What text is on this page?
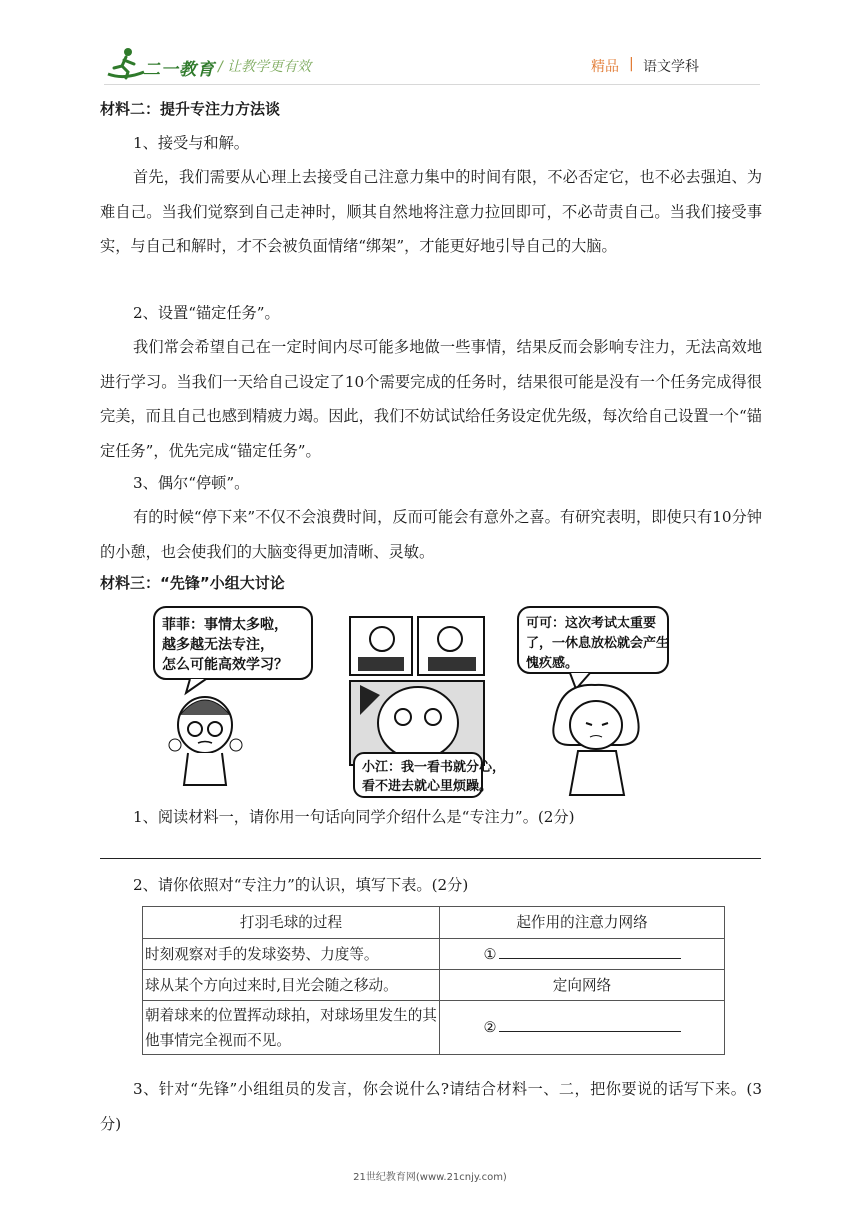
二一教育 / 让教学更有效	精品 | 语文学科
材料二：提升专注力方法谈
1、接受与和解。
首先，我们需要从心理上去接受自己注意力集中的时间有限，不必否定它，也不必去强迫、为难自己。当我们觉察到自己走神时，顺其自然地将注意力拉回即可，不必苛责自己。当我们接受事实，与自己和解时，才不会被负面情绪“绑架”，才能更好地引导自己的大脑。
2、设置“锚定任务”。
我们常会希望自己在一定时间内尽可能多地做一些事情，结果反而会影响专注力，无法高效地进行学习。当我们一天给自己设定了10个需要完成的任务时，结果很可能是没有一个任务完成得很完美，而且自己也感到精疲力竭。因此，我们不妨试试给任务设定优先级，每次给自己设置一个“锚定任务”，优先完成“锚定任务”。
3、偶尔“停顿”。
有的时候“停下来”不仅不会浪费时间，反而可能会有意外之喜。有研究表明，即使只有10分钟的小憩，也会使我们的大脑变得更加清晰、灵敏。
材料三：“先锋”小组大讨论
菲菲：事情太多啦，
越多越无法专注，
怎么可能高效学习？
小江：我一看书就分心，
看不进去就心里烦躁。
可可：这次考试太重要
了，一休息放松就会产生
愧疚感。
1、阅读材料一，请你用一句话向同学介绍什么是“专注力”。(2分)
2、请你依照对“专注力”的认识，填写下表。(2分)
打羽毛球的过程	起作用的注意力网络
时刻观察对手的发球姿势、力度等。	①
球从某个方向过来时,目光会随之移动。	定向网络
朝着球来的位置挥动球拍，对球场里发生的其他事情完全视而不见。	②
3、针对“先锋”小组组员的发言，你会说什么?请结合材料一、二，把你要说的话写下来。(3分)
21世纪教育网(www.21cnjy.com)
